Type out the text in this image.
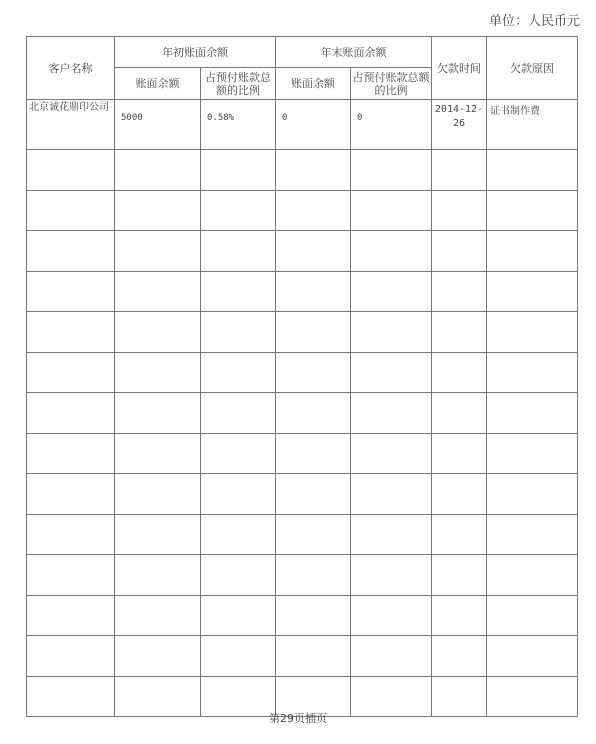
单位：人民币元
客户名称	年初账面余额		年末账面余额		欠款时间	欠款原因
	账面余额	占预付账款总额的比例	账面余额	占预付账款总额的比例		
北京诚花鼎印公司	5000	0.58%	0	0	2014-12-26	证书制作费

第29页插页
